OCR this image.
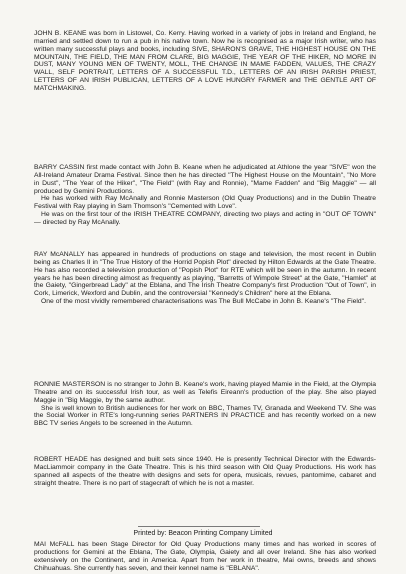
JOHN B. KEANE was born in Listowel, Co. Kerry. Having worked in a variety of jobs in Ireland and England, he married and settled down to run a pub in his native town. Now he is recognised as a major Irish writer, who has written many successful plays and books, including SIVE, SHARON'S GRAVE, THE HIGHEST HOUSE ON THE MOUNTAIN, THE FIELD, THE MAN FROM CLARE, BIG MAGGIE, THE YEAR OF THE HIKER, NO MORE IN DUST, MANY YOUNG MEN OF TWENTY, MOLL, THE CHANGE IN MAME FADDEN, VALUES, THE CRAZY WALL, SELF PORTRAIT, LETTERS OF A SUCCESSFUL T.D., LETTERS OF AN IRISH PARISH PRIEST, LETTERS OF AN IRISH PUBLICAN, LETTERS OF A LOVE HUNGRY FARMER and THE GENTLE ART OF MATCHMAKING.

BARRY CASSIN first made contact with John B. Keane when he adjudicated at Athlone the year "SIVE" won the All-Ireland Amateur Drama Festival. Since then he has directed "The Highest House on the Mountain", "No More in Dust", "The Year of the Hiker", "The Field" (with Ray and Ronnie), "Mame Fadden" and "Big Maggie" — all produced by Gemini Productions.

He has worked with Ray McAnally and Ronnie Masterson (Old Quay Productions) and in the Dublin Theatre Festival with Ray playing in Sam Thomson's "Cemented with Love".

He was on the first tour of the IRISH THEATRE COMPANY, directing two plays and acting in "OUT OF TOWN" — directed by Ray McAnally.

RAY McANALLY has appeared in hundreds of productions on stage and television, the most recent in Dublin being as Charles II in "The True History of the Horrid Popish Plot" directed by Hilton Edwards at the Gate Theatre. He has also recorded a television production of "Popish Plot" for RTE which will be seen in the autumn. In recent years he has been directing almost as frequently as playing, "Barretts of Wimpole Street" at the Gate, "Hamlet" at the Gaiety, "Gingerbread Lady" at the Eblana, and The Irish Theatre Company's first Production "Out of Town", in Cork, Limerick, Wexford and Dublin, and the controversial "Kennedy's Children" here at the Eblana.

One of the most vividly remembered characterisations was The Bull McCabe in John B. Keane's "The Field".

RONNIE MASTERSON is no stranger to John B. Keane's work, having played Mamie in the Field, at the Olympia Theatre and on its successful Irish tour, as well as Telefis Eireann's production of the play. She also played Maggie in "Big Maggie, by the same author.

She is well known to British audiences for her work on BBC, Thames TV, Granada and Weekend TV. She was the Social Worker in RTE's long-running series PARTNERS IN PRACTICE and has recently worked on a new BBC TV series Angels to be screened in the Autumn.

ROBERT HEADE has designed and built sets since 1940. He is presently Technical Director with the Edwards-MacLiammoir company in the Gate Theatre. This is his third season with Old Quay Productions. His work has spanned all aspects of the theatre with designs and sets for opera, musicals, revues, pantomime, cabaret and straight theatre. There is no part of stagecraft of which he is not a master.

MAI McFALL has been Stage Director for Old Quay Productions many times and has worked in scores of productions for Gemini at the Eblana, The Gate, Olympia, Gaiety and all over Ireland. She has also worked extensively on the Continent, and in America. Apart from her work in theatre, Mai owns, breeds and shows Chihuahuas. She currently has seven, and their kennel name is "EBLANA".

Printed by: Beacon Printing Company Limited
